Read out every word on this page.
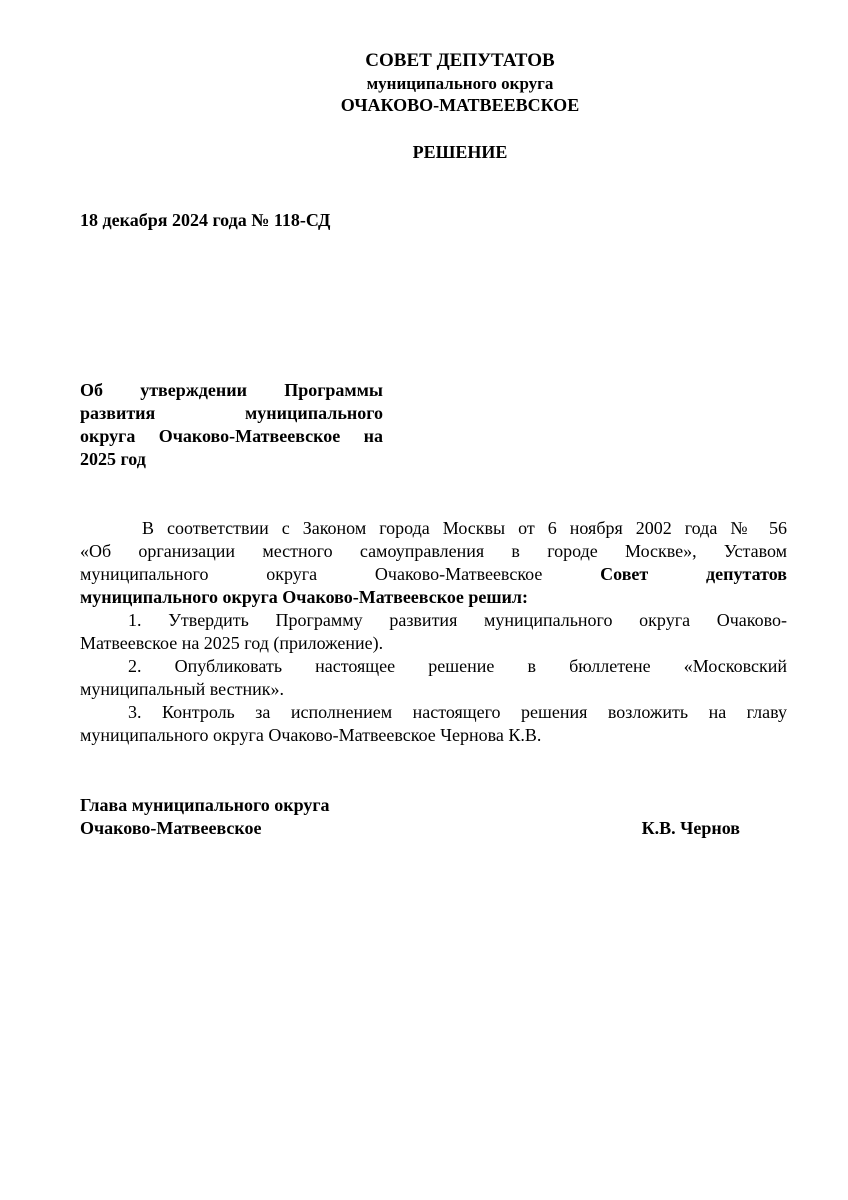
СОВЕТ ДЕПУТАТОВ
муниципального округа
ОЧАКОВО-МАТВЕЕВСКОЕ
РЕШЕНИЕ
18 декабря 2024 года № 118-СД
Об утверждении Программы
развития муниципального
округа Очаково-Матвеевское на
2025 год
В соответствии с Законом города Москвы от 6 ноября 2002 года № 56
«Об организации местного самоуправления в городе Москве», Уставом
муниципального округа Очаково-Матвеевское	Совет депутатов
муниципального округа Очаково-Матвеевское решил:
1. Утвердить Программу развития муниципального округа Очаково-
Матвеевское на 2025 год (приложение).
2. Опубликовать настоящее решение в бюллетене «Московский
муниципальный вестник».
3. Контроль за исполнением настоящего решения возложить на главу
муниципального округа Очаково-Матвеевское Чернова К.В.
Глава муниципального округа
Очаково-Матвеевское	К.В. Чернов
